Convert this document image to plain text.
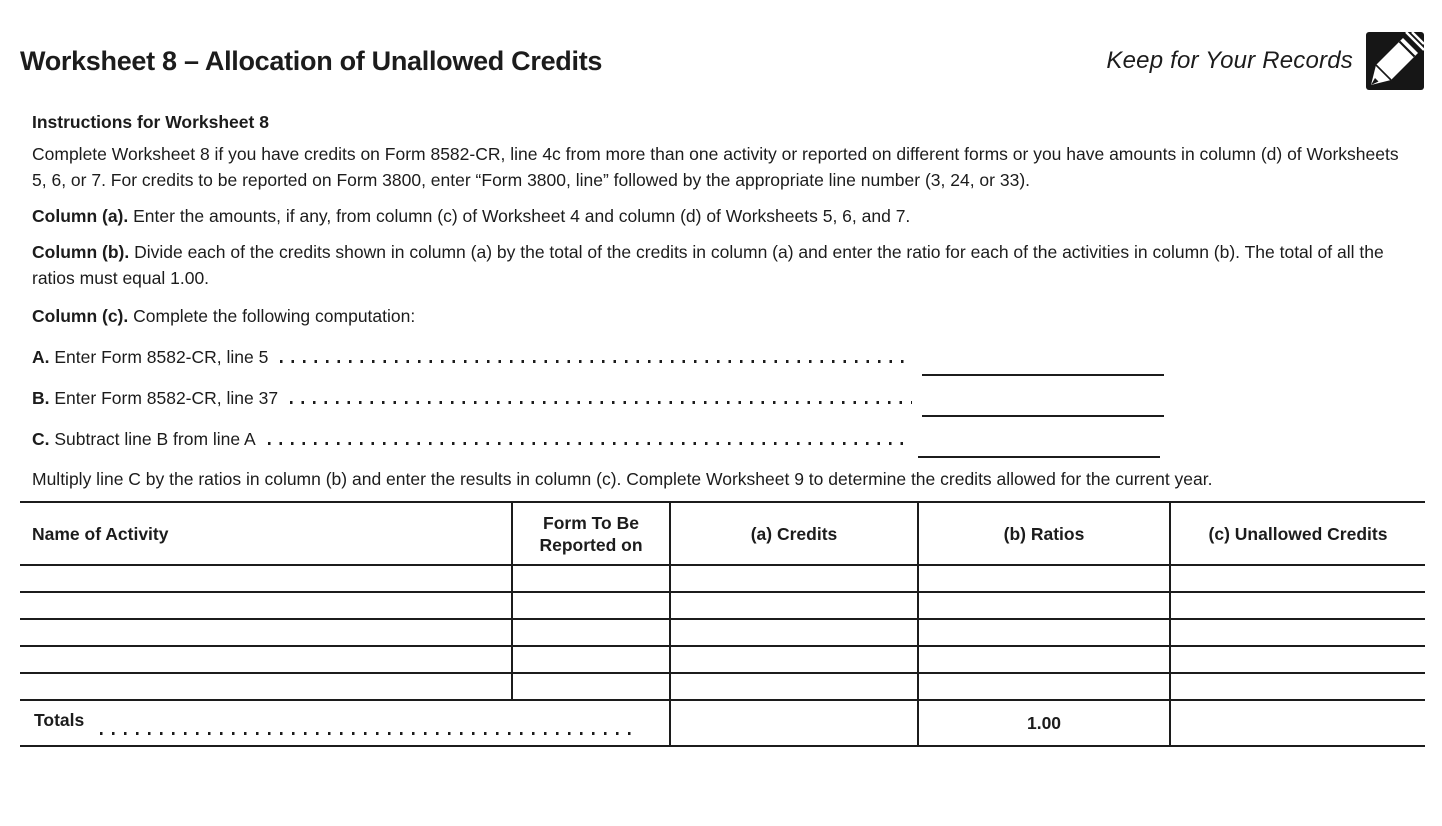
Worksheet 8 – Allocation of Unallowed Credits	Keep for Your Records
Instructions for Worksheet 8

Complete Worksheet 8 if you have credits on Form 8582-CR, line 4c from more than one activity or reported on different forms or you have amounts in column (d) of Worksheets 5, 6, or 7. For credits to be reported on Form 3800, enter “Form 3800, line” followed by the appropriate line number (3, 24, or 33).

Column (a). Enter the amounts, if any, from column (c) of Worksheet 4 and column (d) of Worksheets 5, 6, and 7.

Column (b). Divide each of the credits shown in column (a) by the total of the credits in column (a) and enter the ratio for each of the activities in column (b). The total of all the ratios must equal 1.00.

Column (c). Complete the following computation:

A. Enter Form 8582-CR, line 5
B. Enter Form 8582-CR, line 37
C. Subtract line B from line A

Multiply line C by the ratios in column (b) and enter the results in column (c). Complete Worksheet 9 to determine the credits allowed for the current year.

Name of Activity	Form To Be Reported on	(a) Credits	(b) Ratios	(c) Unallowed Credits

Totals			1.00	
